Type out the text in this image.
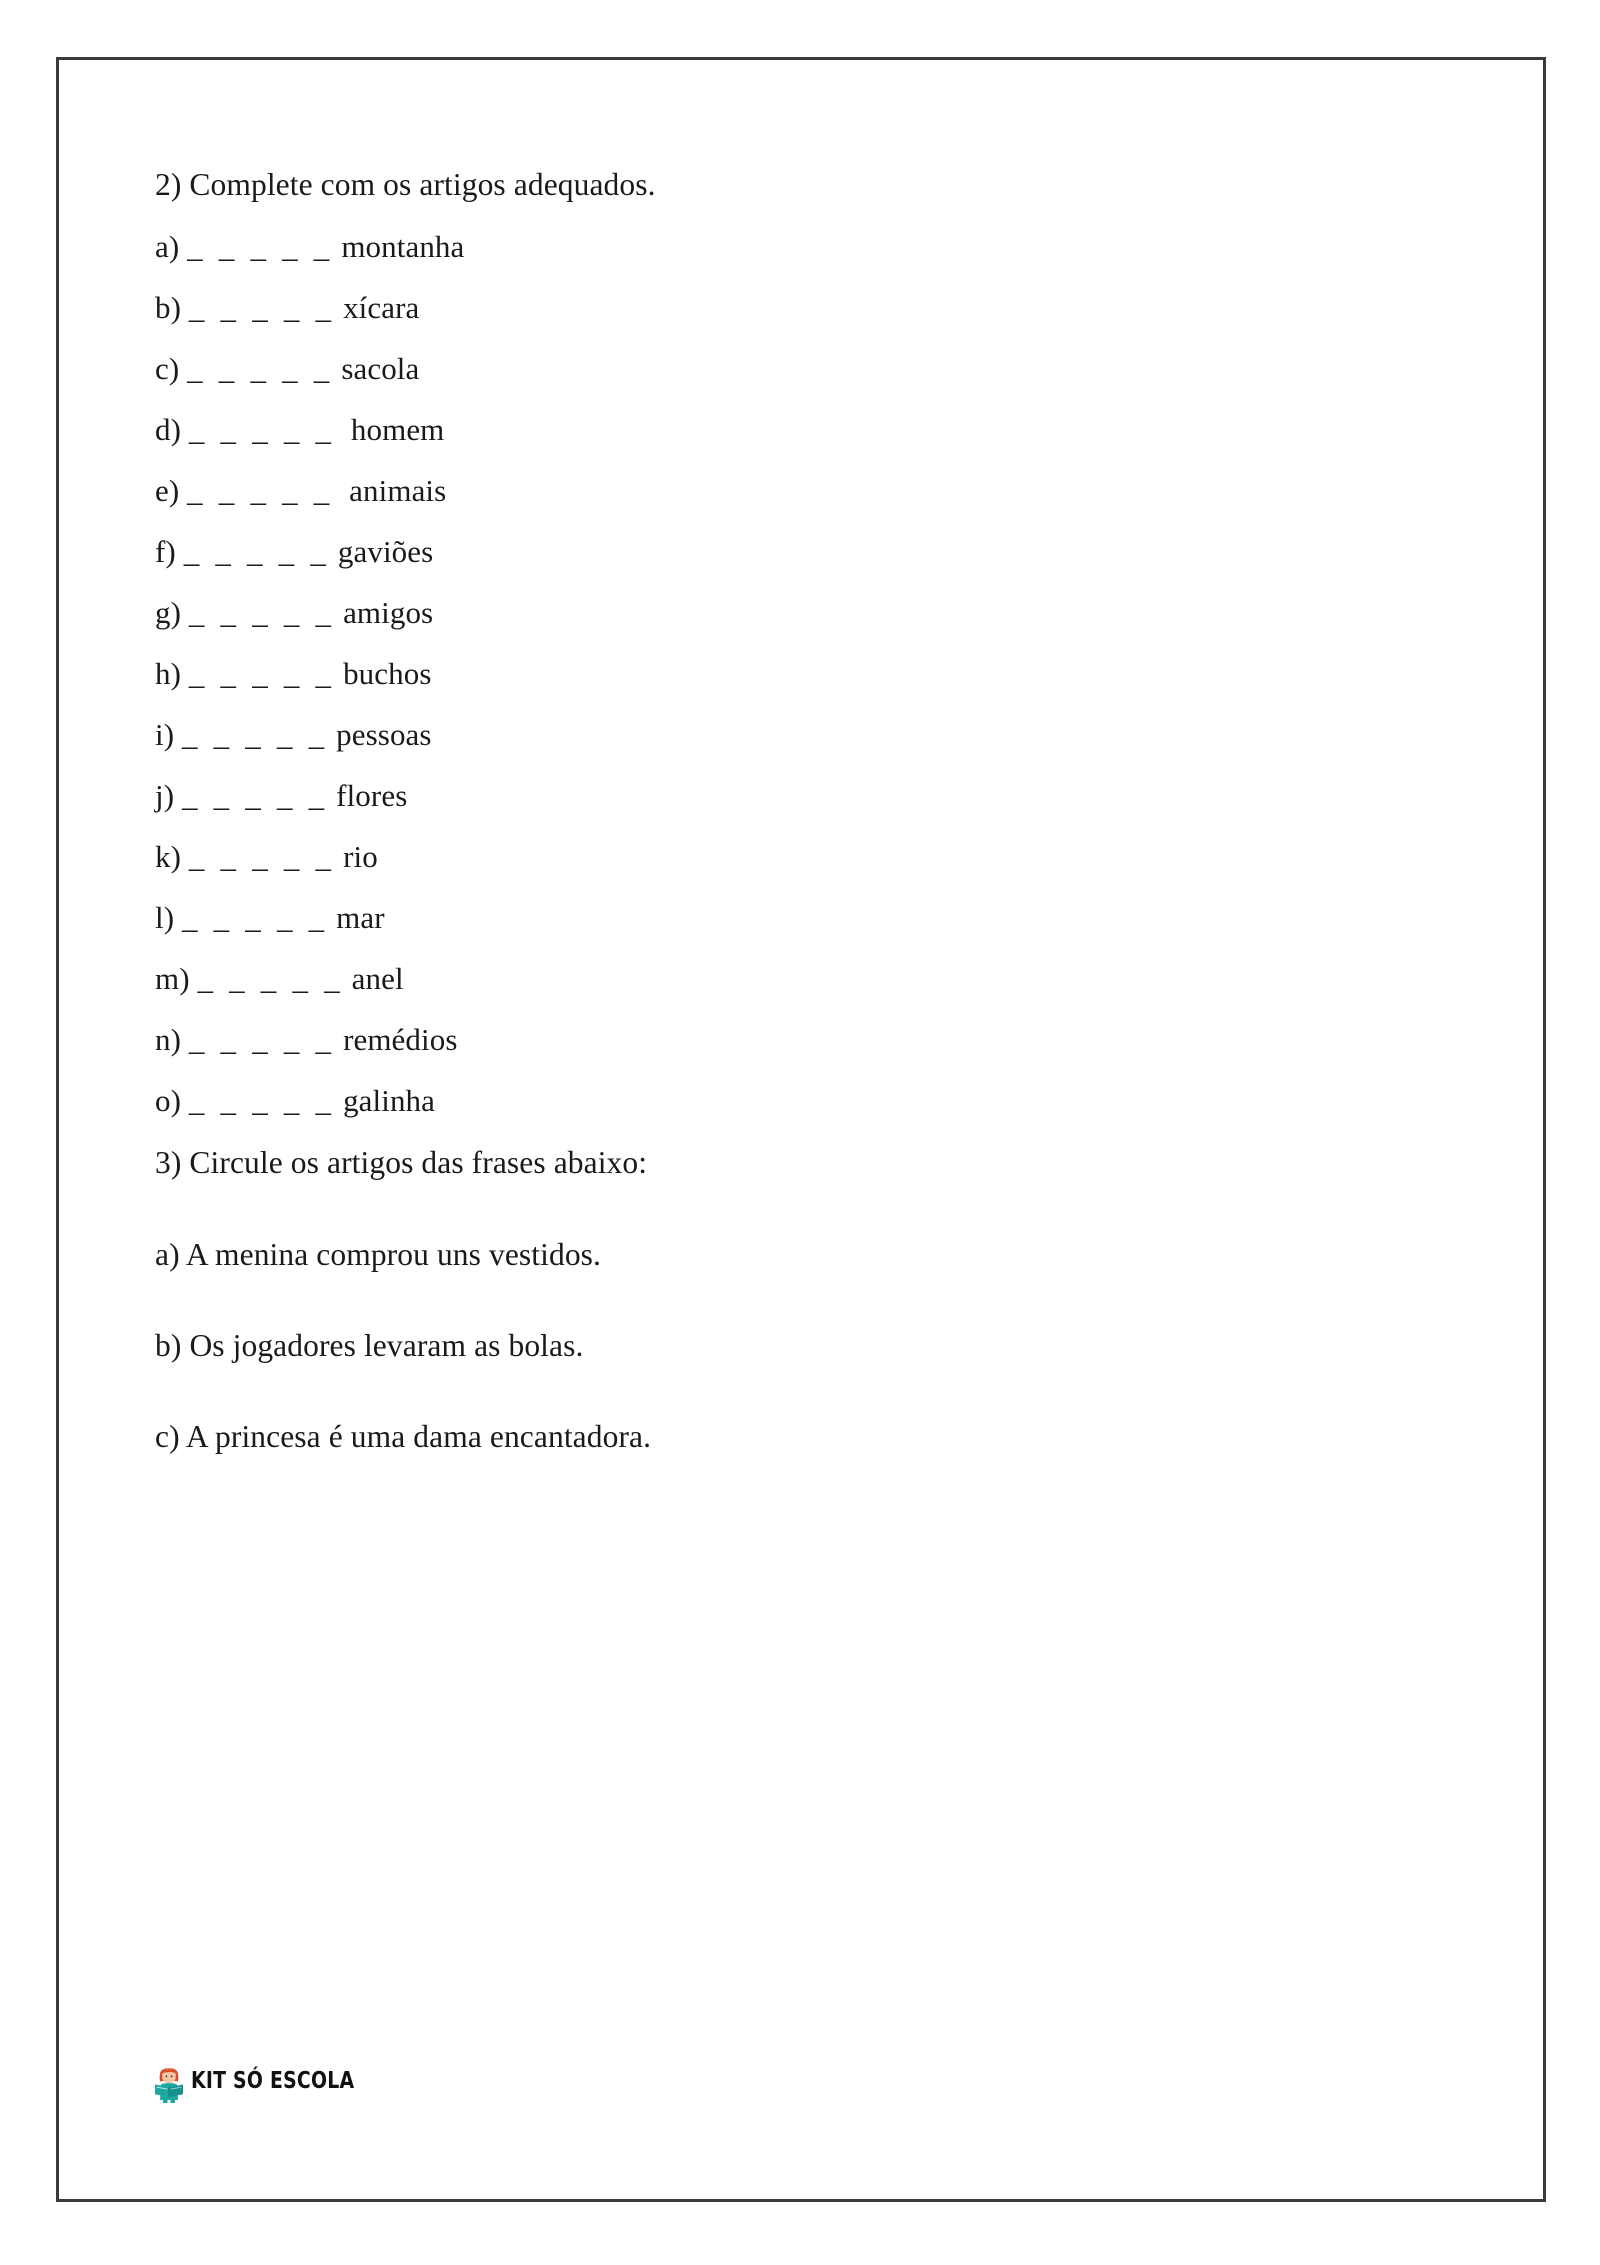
2) Complete com os artigos adequados.
a) _ _ _ _ _ montanha
b) _ _ _ _ _ xícara
c) _ _ _ _ _ sacola
d) _ _ _ _ _  homem
e) _ _ _ _ _  animais
f) _ _ _ _ _ gaviões
g) _ _ _ _ _ amigos
h) _ _ _ _ _ buchos
i) _ _ _ _ _ pessoas
j) _ _ _ _ _ flores
k) _ _ _ _ _ rio
l) _ _ _ _ _ mar
m) _ _ _ _ _ anel
n) _ _ _ _ _ remédios
o) _ _ _ _ _ galinha
3) Circule os artigos das frases abaixo:
a) A menina comprou uns vestidos.
b) Os jogadores levaram as bolas.
c) A princesa é uma dama encantadora.
KIT SÓ ESCOLA
